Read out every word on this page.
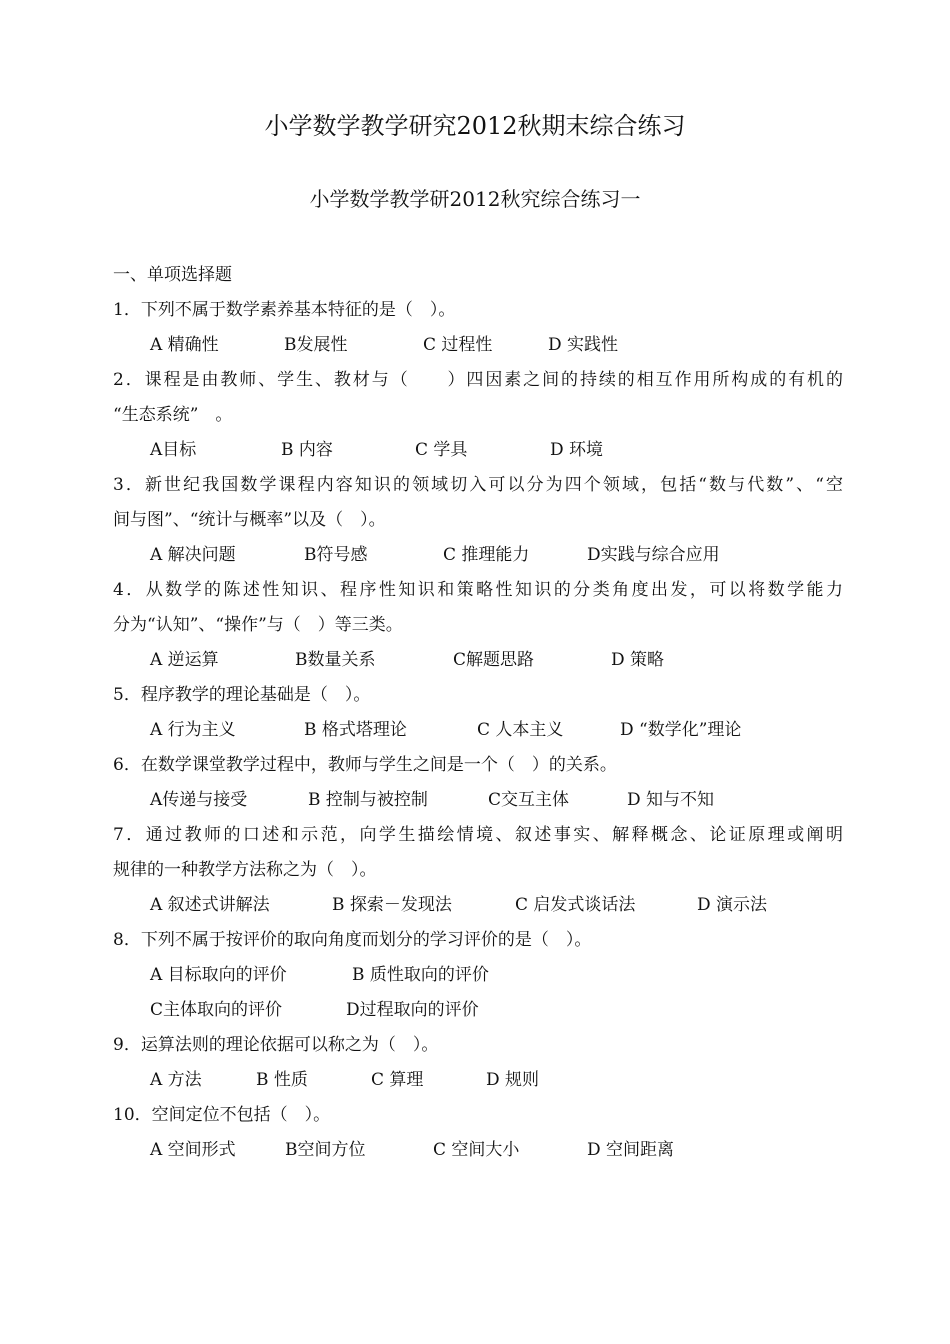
小学数学教学研究2012秋期末综合练习
小学数学教学研2012秋究综合练习一
一、单项选择题
1．下列不属于数学素养基本特征的是（　）。
A 精确性	B发展性	C 过程性	D 实践性
2．课程是由教师、学生、教材与（　　）四因素之间的持续的相互作用所构成的有机的
“生态系统”　。
A目标	B 内容	C 学具	D 环境
3．新世纪我国数学课程内容知识的领域切入可以分为四个领域，包括“数与代数”、“空
间与图”、“统计与概率”以及（　）。
A 解决问题	B符号感	C 推理能力	D实践与综合应用
4．从数学的陈述性知识、程序性知识和策略性知识的分类角度出发，可以将数学能力
分为“认知”、“操作”与（　）等三类。
A 逆运算	B数量关系	C解题思路	D 策略
5．程序教学的理论基础是（　）。
A 行为主义	B 格式塔理论	C 人本主义	D “数学化”理论
6．在数学课堂教学过程中，教师与学生之间是一个（　）的关系。
A传递与接受	B 控制与被控制	C交互主体	D 知与不知
7．通过教师的口述和示范，向学生描绘情境、叙述事实、解释概念、论证原理或阐明
规律的一种教学方法称之为（　）。
A 叙述式讲解法	B 探索－发现法	C 启发式谈话法	D 演示法
8．下列不属于按评价的取向角度而划分的学习评价的是（　）。
A 目标取向的评价	B 质性取向的评价
C主体取向的评价	D过程取向的评价
9．运算法则的理论依据可以称之为（　）。
A 方法	B 性质	C 算理	D 规则
10．空间定位不包括（　）。
A 空间形式	B空间方位	C 空间大小	D 空间距离
